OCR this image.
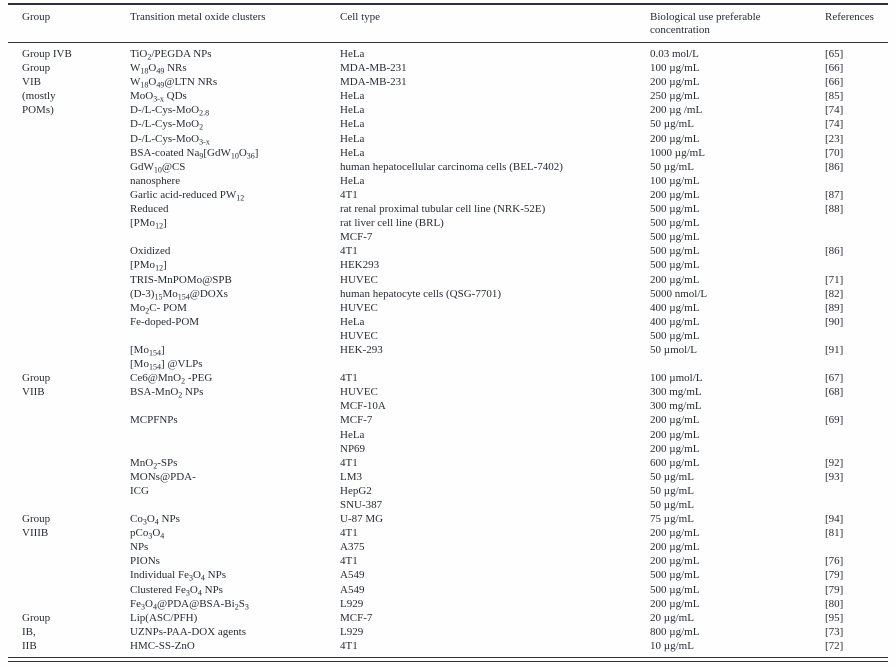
Group	Transition metal oxide clusters	Cell type	Biological use preferable concentration	References
Group IVB	TiO$_2$/PEGDA NPs	HeLa	0.03 mol/L	[65]
Group	$W_{18}O_{49}$ NRs	MDA-MB-231	100 µg/mL	[66]
VIB	$W_{18}O_{49}@LTN$ NRs	MDA-MB-231	200 µg/mL	[66]
(mostly	MoO$_{3-x}$ QDs	HeLa	250 µg/mL	[85]
POMs)	D-/L-Cys-MoO$_{2.8}$	HeLa	200 µg /mL	[74]
	D-/L-Cys-MoO$_2$	HeLa	50 µg/mL	[74]
	D-/L-Cys-MoO$_{3-x}$	HeLa	200 µg/mL	[23]
	BSA-coated $Na_9[GdW_{10}O_{36}]$	HeLa	1000 µg/mL	[70]
	GdW$_{10}$@CS	human hepatocellular carcinoma cells (BEL-7402)	50 µg/mL	[86]
	nanosphere	HeLa	100 µg/mL	
	Garlic acid-reduced $PW_{12}$	4T1	200 µg/mL	[87]
	Reduced	rat renal proximal tubular cell line (NRK-52E)	500 µg/mL	[88]
	[PMo$_{12}$]	rat liver cell line (BRL)	500 µg/mL	
		MCF-7	500 µg/mL	
	Oxidized	4T1	500 µg/mL	[86]
	[PMo$_{12}$]	HEK293	500 µg/mL	
	TRIS-MnPOMo@SPB	HUVEC	200 µg/mL	[71]
	$(D-3)_{15}Mo_{154}@DOXs$	human hepatocyte cells (QSG-7701)	5000 nmol/L	[82]
	$Mo_2C-$ POM	HUVEC	400 µg/mL	[89]
	Fe-doped-POM	HeLa	400 µg/mL	[90]
		HUVEC	500 µg/mL	
	$[Mo_{154}]$	HEK-293	50 µmol/L	[91]
	$[Mo_{154}]$ @VLPs			
Group	Ce6@MnO$_2$ -PEG	4T1	100 µmol/L	[67]
VIIB	BSA-MnO$_2$ NPs	HUVEC	300 mg/mL	[68]
		MCF-10A	300 mg/mL	
	MCPFNPs	MCF-7	200 µg/mL	[69]
		HeLa	200 µg/mL	
		NP69	200 µg/mL	
	MnO$_2$-SPs	4T1	600 µg/mL	[92]
	MONs@PDA-	LM3	50 µg/mL	[93]
	ICG	HepG2	50 µg/mL	
		SNU-387	50 µg/mL	
Group	$Co_3O_4$ NPs	U-87 MG	75 µg/mL	[94]
VIIIB	$pCo_3O_4$	4T1	200 µg/mL	[81]
	NPs	A375	200 µg/mL	
	PIONs	4T1	200 µg/mL	[76]
	Individual $Fe_3O_4$ NPs	A549	500 µg/mL	[79]
	Clustered $Fe_3O_4$ NPs	A549	500 µg/mL	[79]
	$Fe_3O_4@PDA@BSA-Bi_2S_3$	L929	200 µg/mL	[80]
Group	Lip(ASC/PFH)	MCF-7	20 µg/mL	[95]
IB,	UZNPs-PAA-DOX agents	L929	800 µg/mL	[73]
IIB	HMC-SS-ZnO	4T1	10 µg/mL	[72]
